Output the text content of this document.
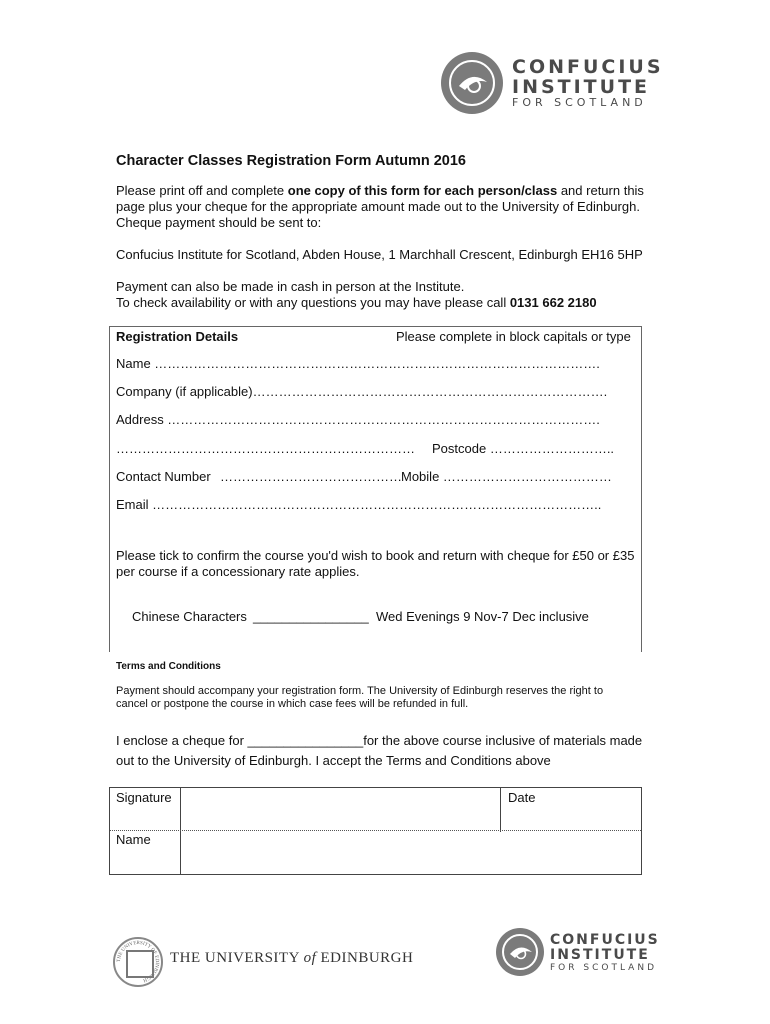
CONFUCIUS
INSTITUTE
FOR SCOTLAND
Character Classes Registration Form Autumn 2016
Please print off and complete one copy of this form for each person/class and return this
page plus your cheque for the appropriate amount made out to the University of Edinburgh.
Cheque payment should be sent to:
Confucius Institute for Scotland, Abden House, 1 Marchhall Crescent, Edinburgh EH16 5HP
Payment can also be made in cash in person at the Institute.
To check availability or with any questions you may have please call 0131 662 2180
Registration Details	Please complete in block capitals or type
Name ………………………………………………………………………………………….
Company (if applicable)……………………………………………………………………….
Address ……………………………………………………………………………………….
…………………………………………………………… Postcode ………………………..
Contact Number …………………………………… Mobile …………………………………
Email …………………………………………………………………………………………..
Please tick to confirm the course you'd wish to book and return with cheque for £50 or £35
per course if a concessionary rate applies.
Chinese Characters ________________ Wed Evenings 9 Nov-7 Dec inclusive
Terms and Conditions
Payment should accompany your registration form. The University of Edinburgh reserves the right to
cancel or postpone the course in which case fees will be refunded in full.
I enclose a cheque for ________________for the above course inclusive of materials made
out to the University of Edinburgh. I accept the Terms and Conditions above
Signature	Date
Name
THE UNIVERSITY OF EDINBURGH
THE UNIVERSITY of EDINBURGH
CONFUCIUS
INSTITUTE
FOR SCOTLAND
